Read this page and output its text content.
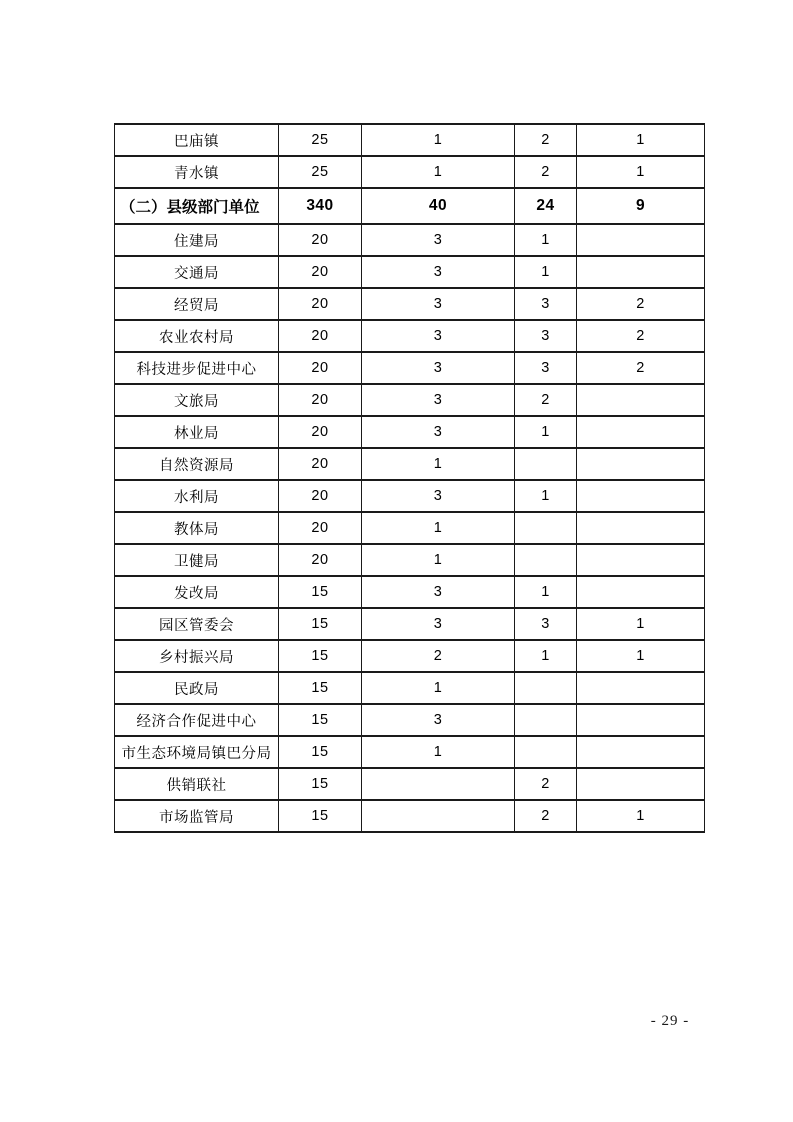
巴庙镇	25	1	2	1
青水镇	25	1	2	1
（二）县级部门单位	340	40	24	9
住建局	20	3	1	
交通局	20	3	1	
经贸局	20	3	3	2
农业农村局	20	3	3	2
科技进步促进中心	20	3	3	2
文旅局	20	3	2	
林业局	20	3	1	
自然资源局	20	1		
水利局	20	3	1	
教体局	20	1		
卫健局	20	1		
发改局	15	3	1	
园区管委会	15	3	3	1
乡村振兴局	15	2	1	1
民政局	15	1		
经济合作促进中心	15	3		
市生态环境局镇巴分局	15	1		
供销联社	15		2	
市场监管局	15		2	1
- 29 -
